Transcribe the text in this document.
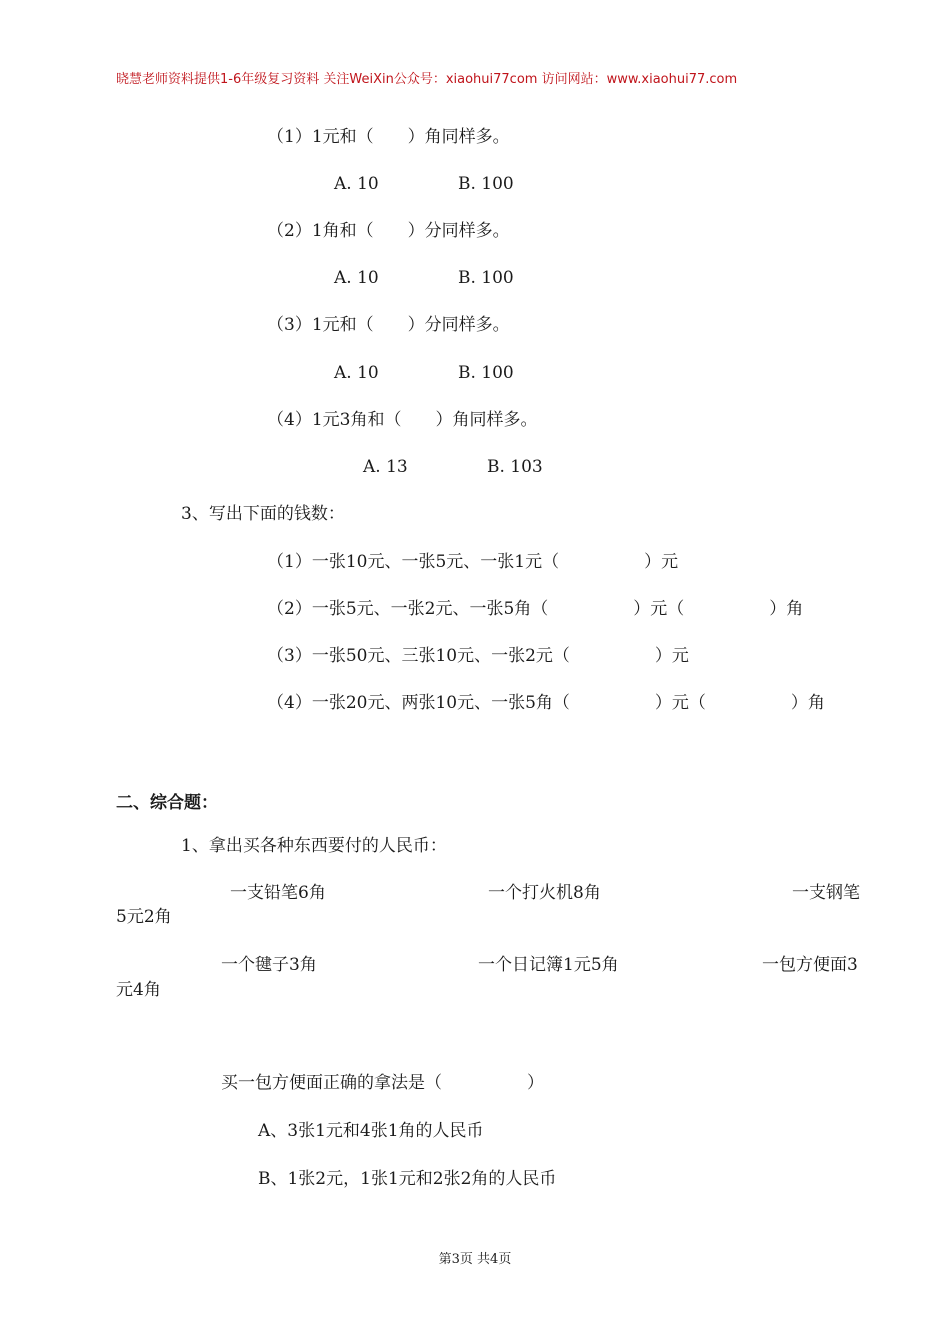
晓慧老师资料提供1-6年级复习资料 关注WeiXin公众号：xiaohui77com 访问网站：www.xiaohui77.com
（1）1元和（　　）角同样多。
A. 10	B. 100
（2）1角和（　　）分同样多。
A. 10	B. 100
（3）1元和（　　）分同样多。
A. 10	B. 100
（4）1元3角和（　　）角同样多。
A. 13	B. 103
3、写出下面的钱数：
（1）一张10元、一张5元、一张1元（　　　　　）元
（2）一张5元、一张2元、一张5角（　　　　　）元（　　　　　）角
（3）一张50元、三张10元、一张2元（　　　　　）元
（4）一张20元、两张10元、一张5角（　　　　　）元（　　　　　）角
二、综合题：
1、拿出买各种东西要付的人民币：
一支铅笔6角	一个打火机8角	一支钢笔
5元2角
一个毽子3角	一个日记簿1元5角	一包方便面3
元4角
买一包方便面正确的拿法是（　　　　　）
A、3张1元和4张1角的人民币
B、1张2元，1张1元和2张2角的人民币
第3页 共4页
